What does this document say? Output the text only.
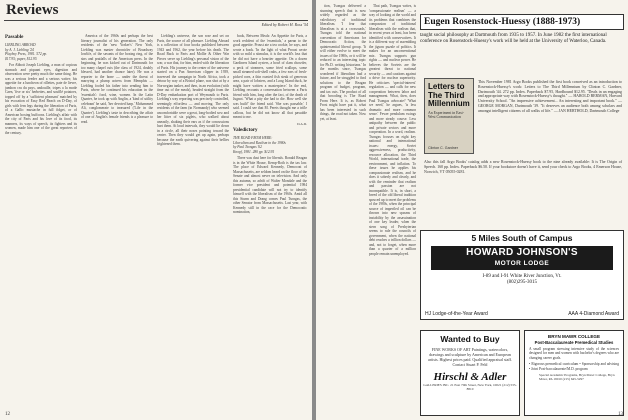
Reviews
Edited by Robert H. Ross '54

Passable

LIEBLING ABROAD

by A. J. Liebling '24

Playboy Press, 1981. 572 pp.

$17.95; paper, $12.95

For Abbott Joseph Liebling, a man of copious stomach and piquant eyes, digestion and observation were pretty much the same thing. He was a serious feeder and a serious writer; his appetite for a luncheon of rillettes, pate de lievre, jambon cru du pays, andouille, tripes a la mode Caen, 'five or six' herbettes, and soufflé potatoes, topped off by a 'sufficient pheasant' matched by his evocation of Easy Red Beach on D-Day, of girls with fern legs during the liberation of Paris, of a Gallic mustache in full fidget, or of American boxing buffoons. Liebling's affair with the city of Paris and his love of its food, its manners, its ways of speech, its fighters and its women, made him one of the great reporters of the century.

America of the 1960s and perhaps the best literary journalist of his generation. The only residents of the 'new Yorker's' New York, Liebling was master chronicler of Broadway lowlife, of the savants of the boxing ring, of the sins and pratfalls of the American press. In the beginning, he was kicked out of Dartmouth for too many chapel cuts (the class of 1924, doubly blessed, had another chance later). He was a reporter to the bone — under the threat of marrying a plump actress from Memphis — Liebling fooled his father into sending him to Paris, where he continued his education in the 'essentials': food, wine, women. In the Latin Quarter, he took up with Anglin, a 'kind of utility celebrant' he said, 'her devoted harp.' Mohammed Ali, conglomerate to treasured ('Life in the Quarter'). Liebling's taste in describing the affair of one of Anglin's female friends is a pleasure to read.

Liebling's universe, the son rose and set on Paris, the source of all pleasure. Liebling Abroad is a collection of four books published between 1943 and 1962, the year before his death. The Road Back to Paris and Mollie & Other War Pieces serve up Liebling's personal vision of the war, a war that, for him, ended with the liberation of Paris. His journey to the center of the universe started on a Pan American clipper in 1939, traversed the campaign in North Africa, took a detour by way of a Bristol plane, was shot at by a Norwegian tanker, and then, in an evolution (with time out of the meals), headed straight from the D-Day embarkation port of Weymouth to Paris. Liebling's way reporting was precisely controlled, seemingly effortless — and moving. The only residents of the farm (in Normandy) who seemed uncomfortable were a great, long-bodied sow and her litter of six piglets, who walked about uneasily, shaking their ears as if the concussions hurt them. At loud intervals, they would lie down in a circle, all their noses pointing toward the center. Then they would get up again, perhaps because the earth quivering against their bellies frightened them.

book, Between Meals: An Appetite for Paris, a work redolent of the 'essentials,' a paean to the good appetite. Proust ate a tea cookie, he says, and wrote a book. 'In the light of what Proust wrote with so mild a stimulus, it is the world's loss that he did not have a heartier appetite. On a dozen Gardiners Island oysters, a bowl of clam chowder, a peck of steamers, some fried scallops, some small steamed soft-shell crabs, a few ears of fresh-picked corn, a thin roasted fish steak of generous area, a pair of lobsters, and a Long Island duck, he might have written a masterpiece.' In the end, Liebling recounts a conversation between a Paris friend with him, long after the fact, of the death of Jugnot. 'What a pity she had to die. How well she was built!' the friend said. 'She was passable,' I said. I could see that M. Perets thought me a trifle callous, but he did not know all that passable meant to me.

D.A.D.

Valedictory

THE ROAD FROM HERE:

Liberalism and Realism in the 1980s

by Paul Tsongas '62

Knopf, 1981. 280 pp. $12.95

There was dust here for liberals. Ronald Reagan is in the White House, Kemp-Roth is the tax law. The place of Edward Kennedy, Democrat of Massachusetts, are seldom heard on the floor of the Senate and almost never on television. And only this autumn, so adrift of Walter Mondale and the former vice president and potential 1984 presidential candidate will not try to identify himself with the liberalism of the 1960s. Amid all this Sturm and Drang comes Paul Tsongas, the other Senator from Massachusetts. Last year, with Kennedy still in the race for the Democratic nomination,

12

tion, Tsongas delivered a stunning speech that is now widely regarded as the valedictory of traditional liberalism. 'I fear that liberalism is at a crossroads,' Tsongas told the national convention of Americans for Democratic Action, the quintessential liberal group. 'It will either evolve to meet the issues of the 1980s, or it will be reduced to an interesting topic for Ph.D. writing historians.' In the months since, Tsongas wondered if liberalism had a future, and he struggled to find solutions to the Reagan program of budget, program, and tax cuts. The product of all that brooding is The Road From Here. It is, as Robert Frost might have put it, what has been interested in such things, the road not taken. Now yet, at least.

That path, Tsongas writes, is 'compassionate realism' — a way of looking at the world and its problems that combines the compassion of traditional liberalism with the realism that, in recent years at least, has been identified with conservatives. It is a different way of assembling the jigsaw puzzle of politics. It makes for an unconventional mix. Tsongas supports gun rights — and nuclear power. He believes the Soviets are the greatest threat to national security — and cautions against a drive for nuclear superiority. He criticizes 'special-interest' regulation — and calls for new cooperation between labor and management. What, then, does Paul Tsongas advocate? 'What we need,' he argues, 'is less dramatic and more common sense.' Fewer pendulum swings and more steady course. Less antipathy between the public and private sectors and more cooperation. In a word, realism. Tsongas focuses on eight key national and international issues: energy, Soviet aggressiveness, productivity, resource allocation, the Third World, international trade, the environment, and inflation. To these issues he applies his compassionate realism, and he does it soberly and clearly, and with the reminder that realism and passion are not incompatible. It is, in short, a breed of the old liberal tradition spruced up to meet the problems of the 1980s, when the principal source of imperiled oil can be thrown into new spasms of instability by the assassination of one key leader, when the stern song of Presbyterian seems to rule the councils of government, when the national debt reaches a trillion dollars — and, not to forget, when more than a quarter of a million people remain unemployed.

Eugen Rosenstock-Huessy (1888-1973)
taught social philosophy at Dartmouth from 1935 to 1957. In June 1982 the first international conference on Rosenstock-Huessy's work will be held at the University of Waterloo, Canada.
Letters to The Third Millennium
An Experiment in East-West Communication
Clinton C. Gardner
This November 1981 Argo Books published the first book conceived as an introduction to Rosenstock-Huessy's work: Letters to The Third Millennium by Clinton C. Gardner, Dartmouth '44. 272 pp. Index. Paperback $7.95, Hardbound $12.95. "Deals in an engaging and appropriate way with Rosenstock-Huessy's thought." — HAROLD BERMAN, Harvard University School. "An impressive achievement... An interesting and important book." — GEORGE MORGAN, Dartmouth '39. "It deserves an audience both among scholars and amongst intelligent citizens of all walks of life." — JAN HERTHOLD, Dartmouth College
Also this fall Argo Books' catalog adds a new Rosenstock-Huessy book to the nine already available: It is The Origin of Speech. 160 pp. Index. Paperback $6.50. If your bookstore doesn't have it, send your check to Argo Books, 4 Emerson House, Norwich, VT 05055-0281.
5 Miles South of Campus
HOWARD JOHNSON'S
MOTOR LODGE
I-89 and I-91 White River Junction, Vt.
(802)295-3015
HJ Lodge-of-the-Year Award	AAA 4-Diamond Award
Wanted to Buy
FINE WORKS OF ART Paintings, watercolors, drawings and sculpture by American and European artists. Highest prices paid. Qualified appraisal staff. Contact Stuart P. Feld
Hirschl & Adler
GALLERIES INC. 21 East 70th Street, New York, 10021 (212) 535-8810
BRYN MAWR COLLEGE
Post-Baccalaureate Premedical Studies
A small program stressing intensive study of the sciences designed for men and women with bachelor's degrees who are changing career goals.
• Rigorous premedical curriculum • Sponsorship and advising • Joint Post-baccalaureate/M.D. program
Special Academic Programs, Bryn Mawr College, Bryn Mawr, PA 19010 (215) 645-5297
13
